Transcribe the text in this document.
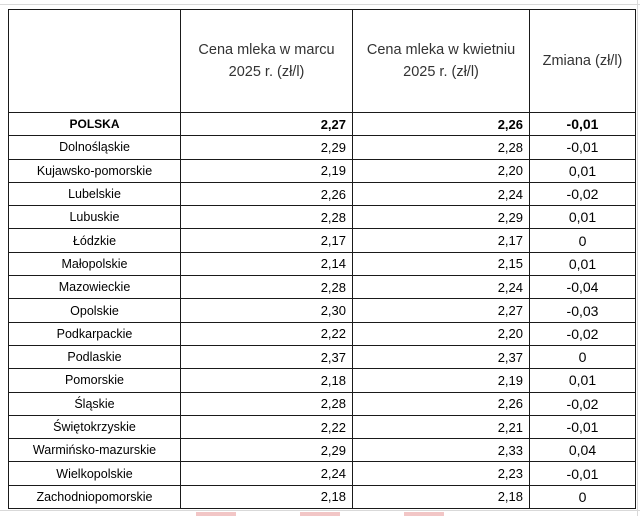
	Cena mleka w marcu 2025 r. (zł/l)	Cena mleka w kwietniu 2025 r. (zł/l)	Zmiana (zł/l)
POLSKA	2,27	2,26	-0,01
Dolnośląskie	2,29	2,28	-0,01
Kujawsko-pomorskie	2,19	2,20	0,01
Lubelskie	2,26	2,24	-0,02
Lubuskie	2,28	2,29	0,01
Łódzkie	2,17	2,17	0
Małopolskie	2,14	2,15	0,01
Mazowieckie	2,28	2,24	-0,04
Opolskie	2,30	2,27	-0,03
Podkarpackie	2,22	2,20	-0,02
Podlaskie	2,37	2,37	0
Pomorskie	2,18	2,19	0,01
Śląskie	2,28	2,26	-0,02
Świętokrzyskie	2,22	2,21	-0,01
Warmińsko-mazurskie	2,29	2,33	0,04
Wielkopolskie	2,24	2,23	-0,01
Zachodniopomorskie	2,18	2,18	0
